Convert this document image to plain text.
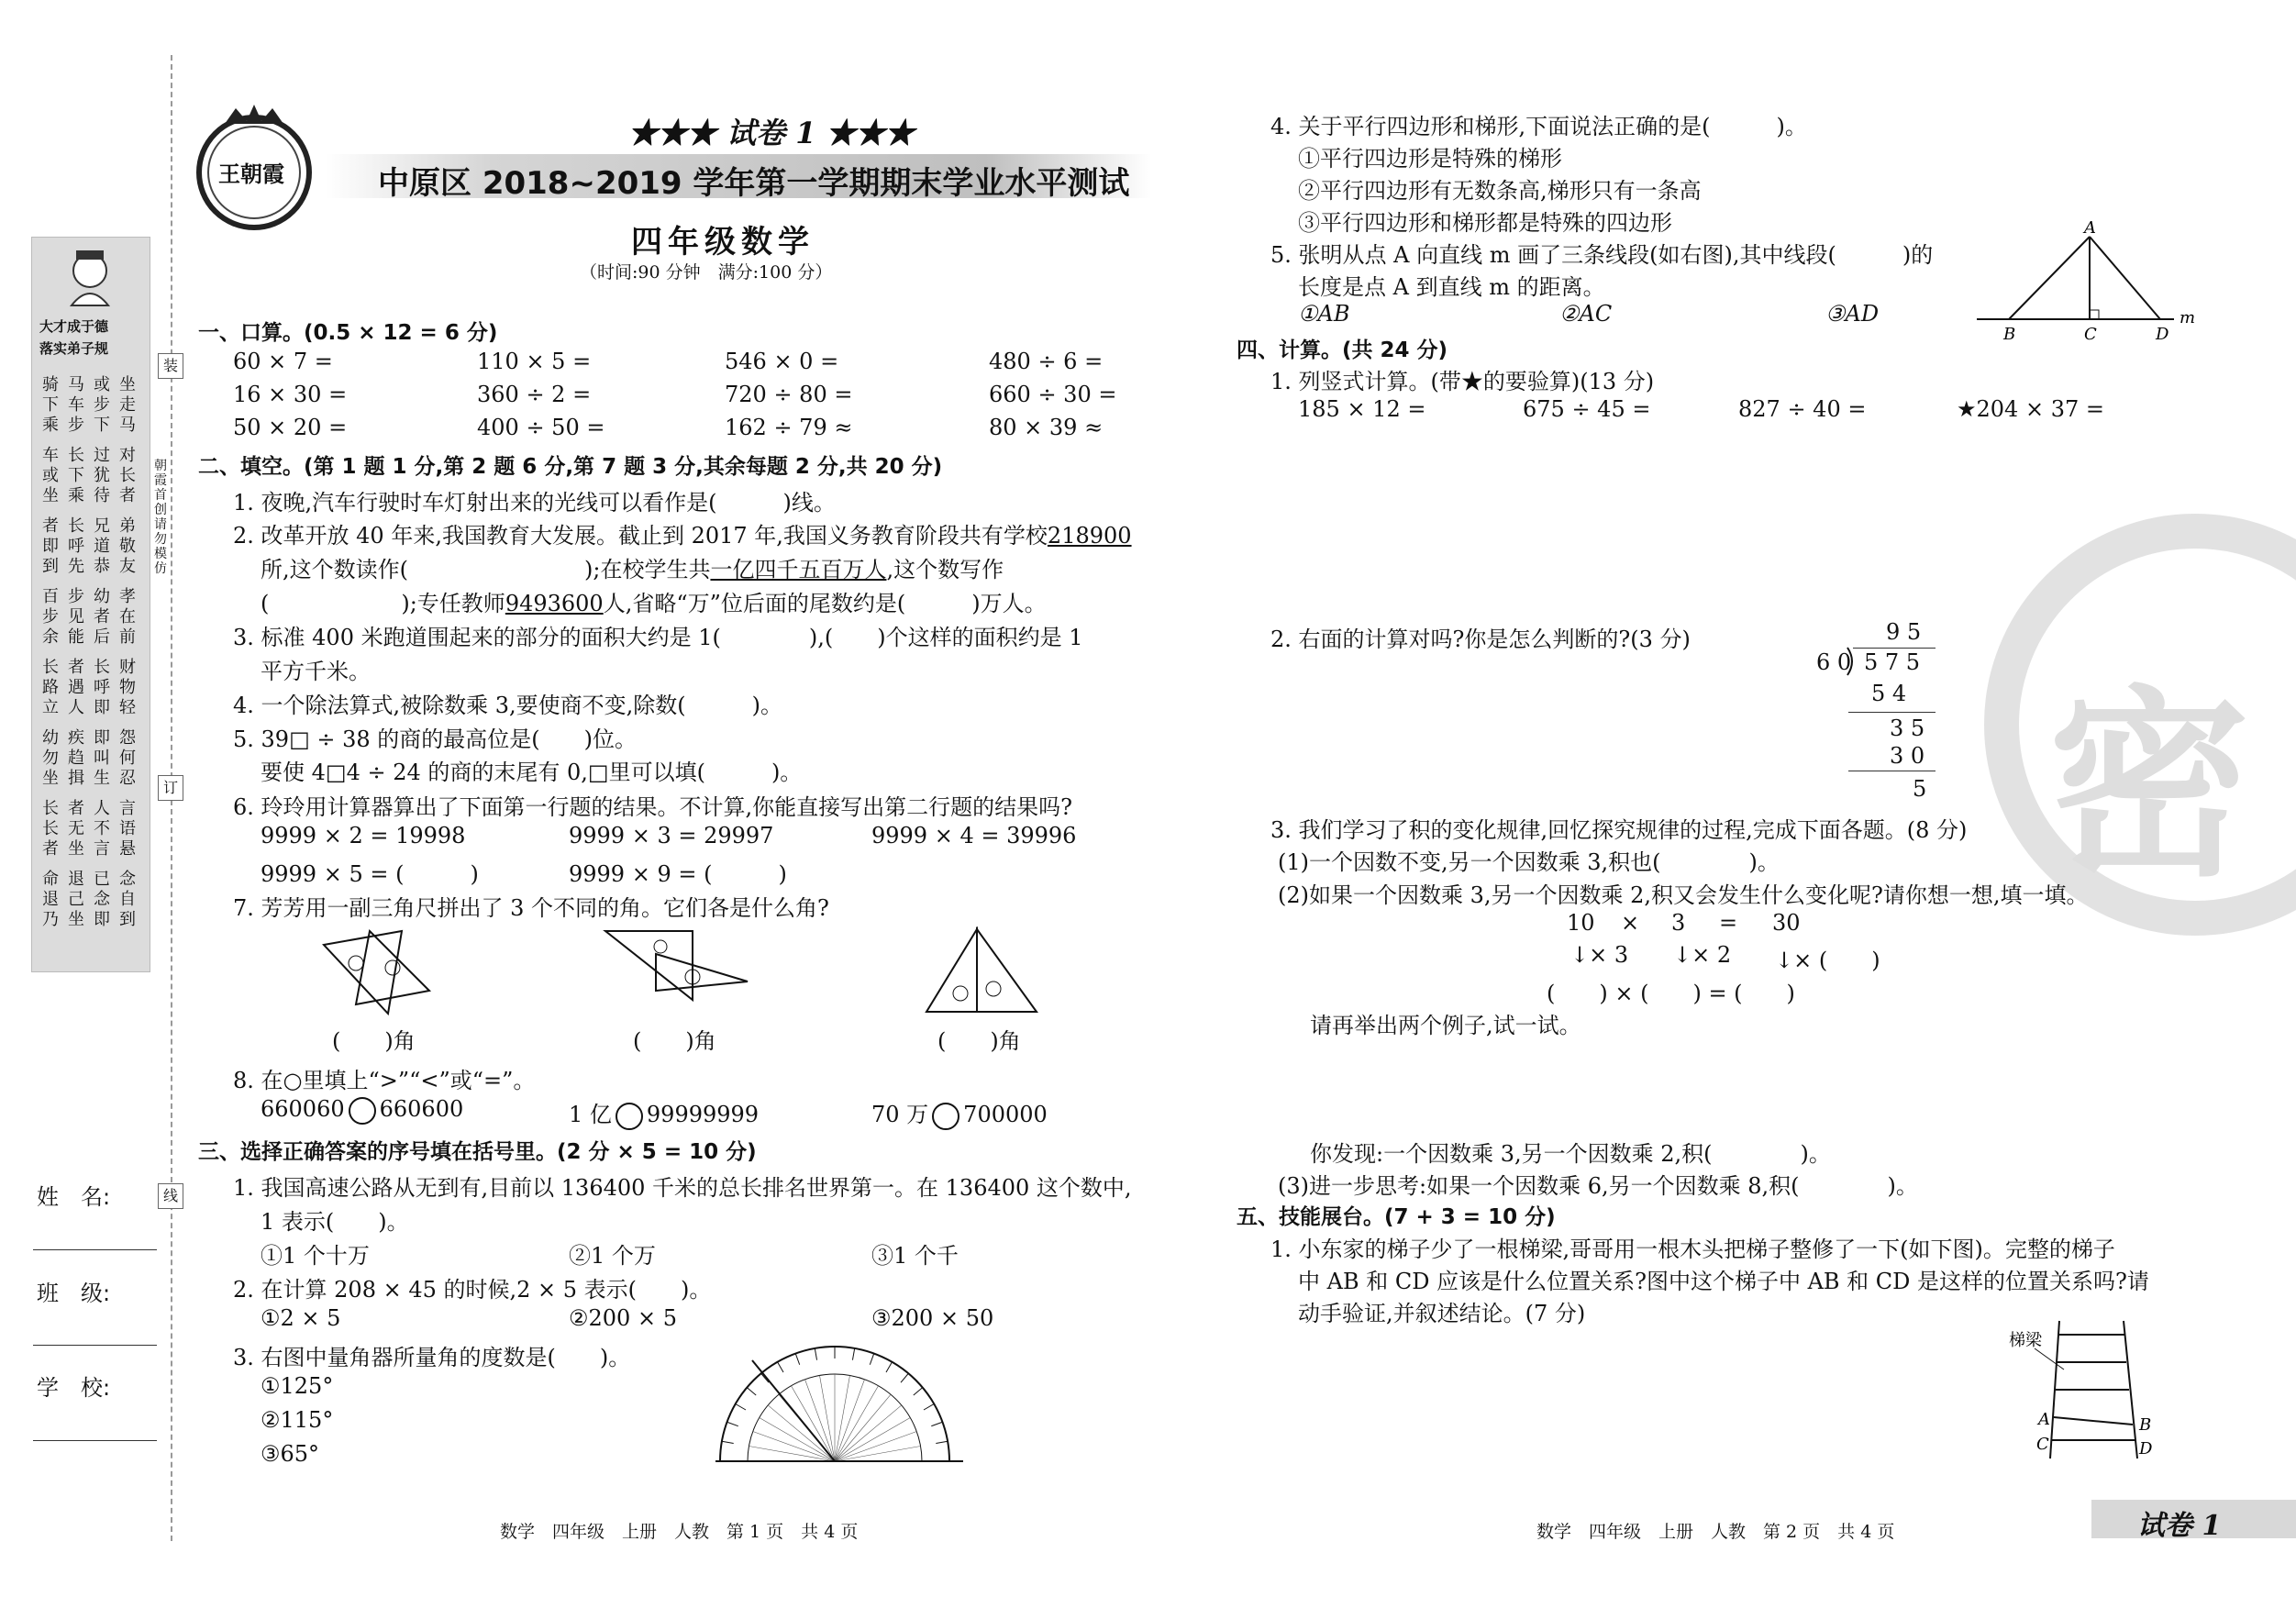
密
大才成于德
落实弟子规
骑下乘
马车步
或步下
坐走马
车或坐
长下乘
过犹待
对长者
者即到
长呼先
兄道恭
弟敬友
百步余
步见能
幼者后
孝在前
长路立
者遇人
长呼即
财物轻
幼勿坐
疾趋揖
即叫生
怨何忍
长长者
者无坐
人不言
言语悬
命退乃
退己坐
已念即
念自到
装
订
线
朝霞首创 请勿模仿
姓　名:
班　级:
学　校:
王朝霞
★★★ 试卷 1 ★★★
中原区 2018~2019 学年第一学期期末学业水平测试
四年级数学
（时间:90 分钟　满分:100 分）
一、口算。(0.5 × 12 = 6 分)
60 × 7 =	110 × 5 =	546 × 0 =	480 ÷ 6 =
16 × 30 =	360 ÷ 2 =	720 ÷ 80 =	660 ÷ 30 =
50 × 20 =	400 ÷ 50 =	162 ÷ 79 ≈	80 × 39 ≈
二、填空。(第 1 题 1 分,第 2 题 6 分,第 7 题 3 分,其余每题 2 分,共 20 分)
1. 夜晚,汽车行驶时车灯射出来的光线可以看作是(　　　)线。
2. 改革开放 40 年来,我国教育大发展。截止到 2017 年,我国义务教育阶段共有学校218900
所,这个数读作(　　　　　　　　);在校学生共一亿四千五百万人,这个数写作
(　　　　　　);专任教师9493600人,省略“万”位后面的尾数约是(　　　)万人。
3. 标准 400 米跑道围起来的部分的面积大约是 1(　　　　),(　　)个这样的面积约是 1
平方千米。
4. 一个除法算式,被除数乘 3,要使商不变,除数(　　　)。
5. 39□ ÷ 38 的商的最高位是(　　)位。
要使 4□4 ÷ 24 的商的末尾有 0,□里可以填(　　　)。
6. 玲玲用计算器算出了下面第一行题的结果。不计算,你能直接写出第二行题的结果吗?
9999 × 2 = 19998	9999 × 3 = 29997	9999 × 4 = 39996
9999 × 5 = (　　　)	9999 × 9 = (　　　)
7. 芳芳用一副三角尺拼出了 3 个不同的角。它们各是什么角?
(　　)角	(　　)角	(　　)角
8. 在○里填上“>”“<”或“=”。
660060 660600	1 亿 99999999	70 万 700000
三、选择正确答案的序号填在括号里。(2 分 × 5 = 10 分)
1. 我国高速公路从无到有,目前以 136400 千米的总长排名世界第一。在 136400 这个数中,
1 表示(　　)。
①1 个十万	②1 个万	③1 个千
2. 在计算 208 × 45 的时候,2 × 5 表示(　　)。
①2 × 5	②200 × 5	③200 × 50
3. 右图中量角器所量角的度数是(　　)。
①125°
②115°
③65°
数学　四年级　上册　人教　第 1 页　共 4 页
4. 关于平行四边形和梯形,下面说法正确的是(　　　)。
①平行四边形是特殊的梯形
②平行四边形有无数条高,梯形只有一条高
③平行四边形和梯形都是特殊的四边形
5. 张明从点 A 向直线 m 画了三条线段(如右图),其中线段(　　　)的
长度是点 A 到直线 m 的距离。
①AB	②AC	③AD
A
B	C	D
m
四、计算。(共 24 分)
1. 列竖式计算。(带★的要验算)(13 分)
185 × 12 =	675 ÷ 45 =	827 ÷ 40 =	★204 × 37 =
2. 右面的计算对吗?你是怎么判断的?(3 分)	9 5
6 0 5 7 5
5 4
3 5
3 0
5
3. 我们学习了积的变化规律,回忆探究规律的过程,完成下面各题。(8 分)
(1)一个因数不变,另一个因数乘 3,积也(　　　　)。
(2)如果一个因数乘 3,另一个因数乘 2,积又会发生什么变化呢?请你想一想,填一填。
10 × 3 = 30
↓× 3 ↓× 2 ↓× (　　)
(　　) × (　　) = (　　)
请再举出两个例子,试一试。
你发现:一个因数乘 3,另一个因数乘 2,积(　　　　)。
(3)进一步思考:如果一个因数乘 6,另一个因数乘 8,积(　　　　)。
五、技能展台。(7 + 3 = 10 分)
1. 小东家的梯子少了一根梯梁,哥哥用一根木头把梯子整修了一下(如下图)。完整的梯子
中 AB 和 CD 应该是什么位置关系?图中这个梯子中 AB 和 CD 是这样的位置关系吗?请
动手验证,并叙述结论。(7 分)
梯梁
A	B
C	D
数学　四年级　上册　人教　第 2 页　共 4 页	试卷 1
